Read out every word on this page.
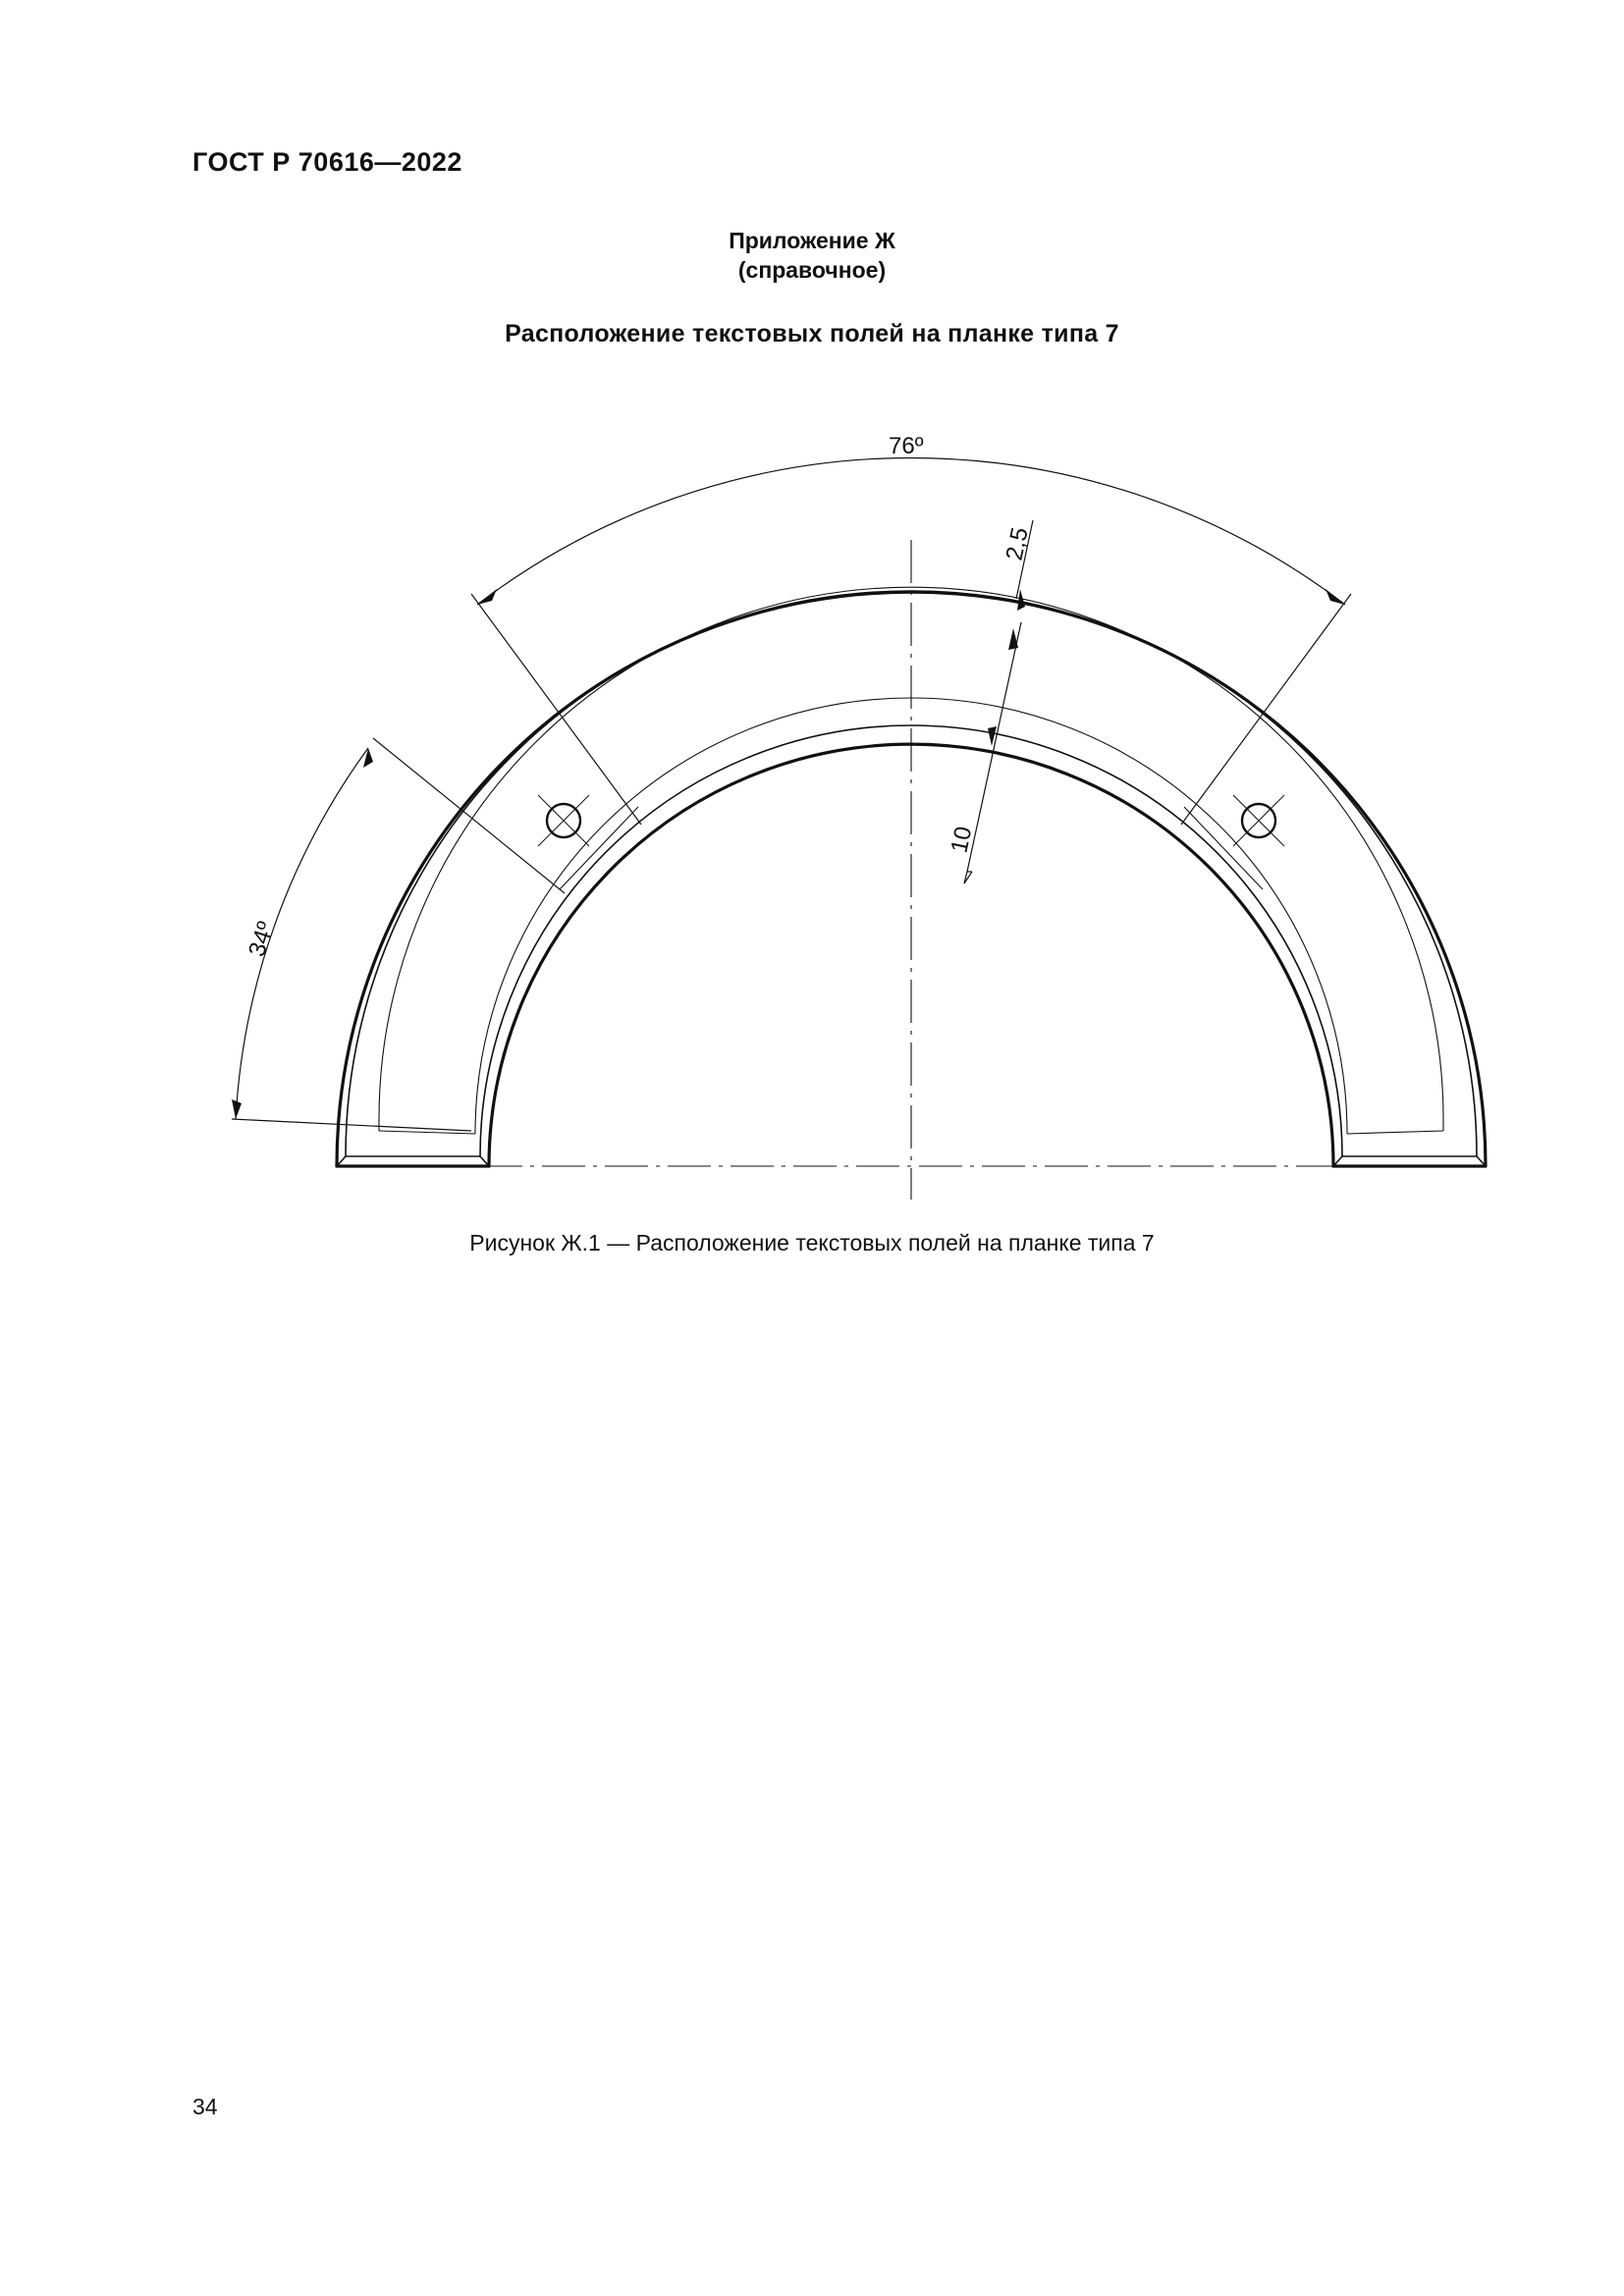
ГОСТ Р 70616—2022
Приложение Ж
(справочное)
Расположение текстовых полей на планке типа 7
76º
2,5
10
34º
Рисунок Ж.1 — Расположение текстовых полей на планке типа 7
34
